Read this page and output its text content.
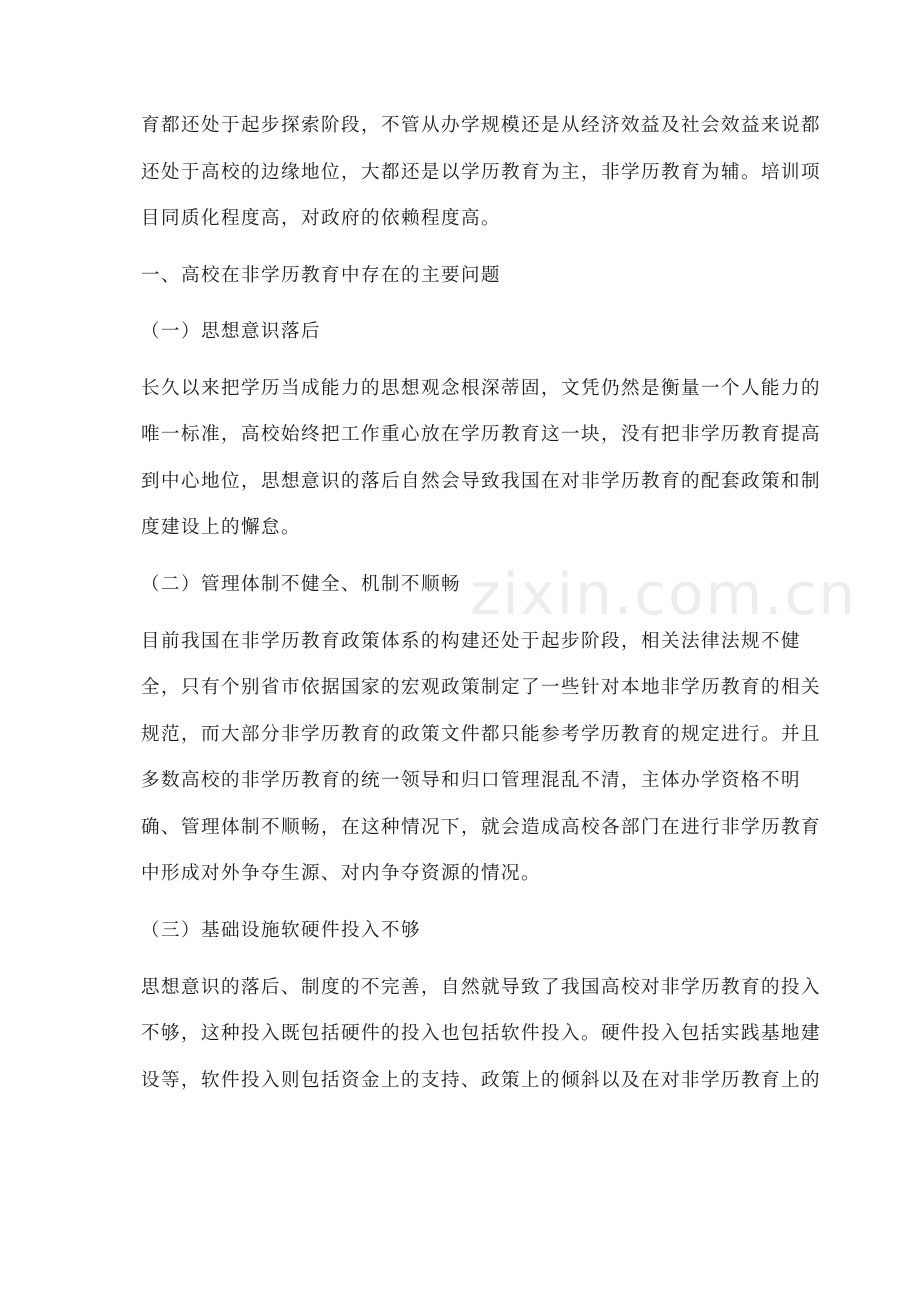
zixin.com.cn
育都还处于起步探索阶段，不管从办学规模还是从经济效益及社会效益来说都
还处于高校的边缘地位，大都还是以学历教育为主，非学历教育为辅。培训项
目同质化程度高，对政府的依赖程度高。
一、高校在非学历教育中存在的主要问题
（一）思想意识落后
长久以来把学历当成能力的思想观念根深蒂固，文凭仍然是衡量一个人能力的
唯一标准，高校始终把工作重心放在学历教育这一块，没有把非学历教育提高
到中心地位，思想意识的落后自然会导致我国在对非学历教育的配套政策和制
度建设上的懈怠。
（二）管理体制不健全、机制不顺畅
目前我国在非学历教育政策体系的构建还处于起步阶段，相关法律法规不健
全，只有个别省市依据国家的宏观政策制定了一些针对本地非学历教育的相关
规范，而大部分非学历教育的政策文件都只能参考学历教育的规定进行。并且
多数高校的非学历教育的统一领导和归口管理混乱不清，主体办学资格不明
确、管理体制不顺畅，在这种情况下，就会造成高校各部门在进行非学历教育
中形成对外争夺生源、对内争夺资源的情况。
（三）基础设施软硬件投入不够
思想意识的落后、制度的不完善，自然就导致了我国高校对非学历教育的投入
不够，这种投入既包括硬件的投入也包括软件投入。硬件投入包括实践基地建
设等，软件投入则包括资金上的支持、政策上的倾斜以及在对非学历教育上的
